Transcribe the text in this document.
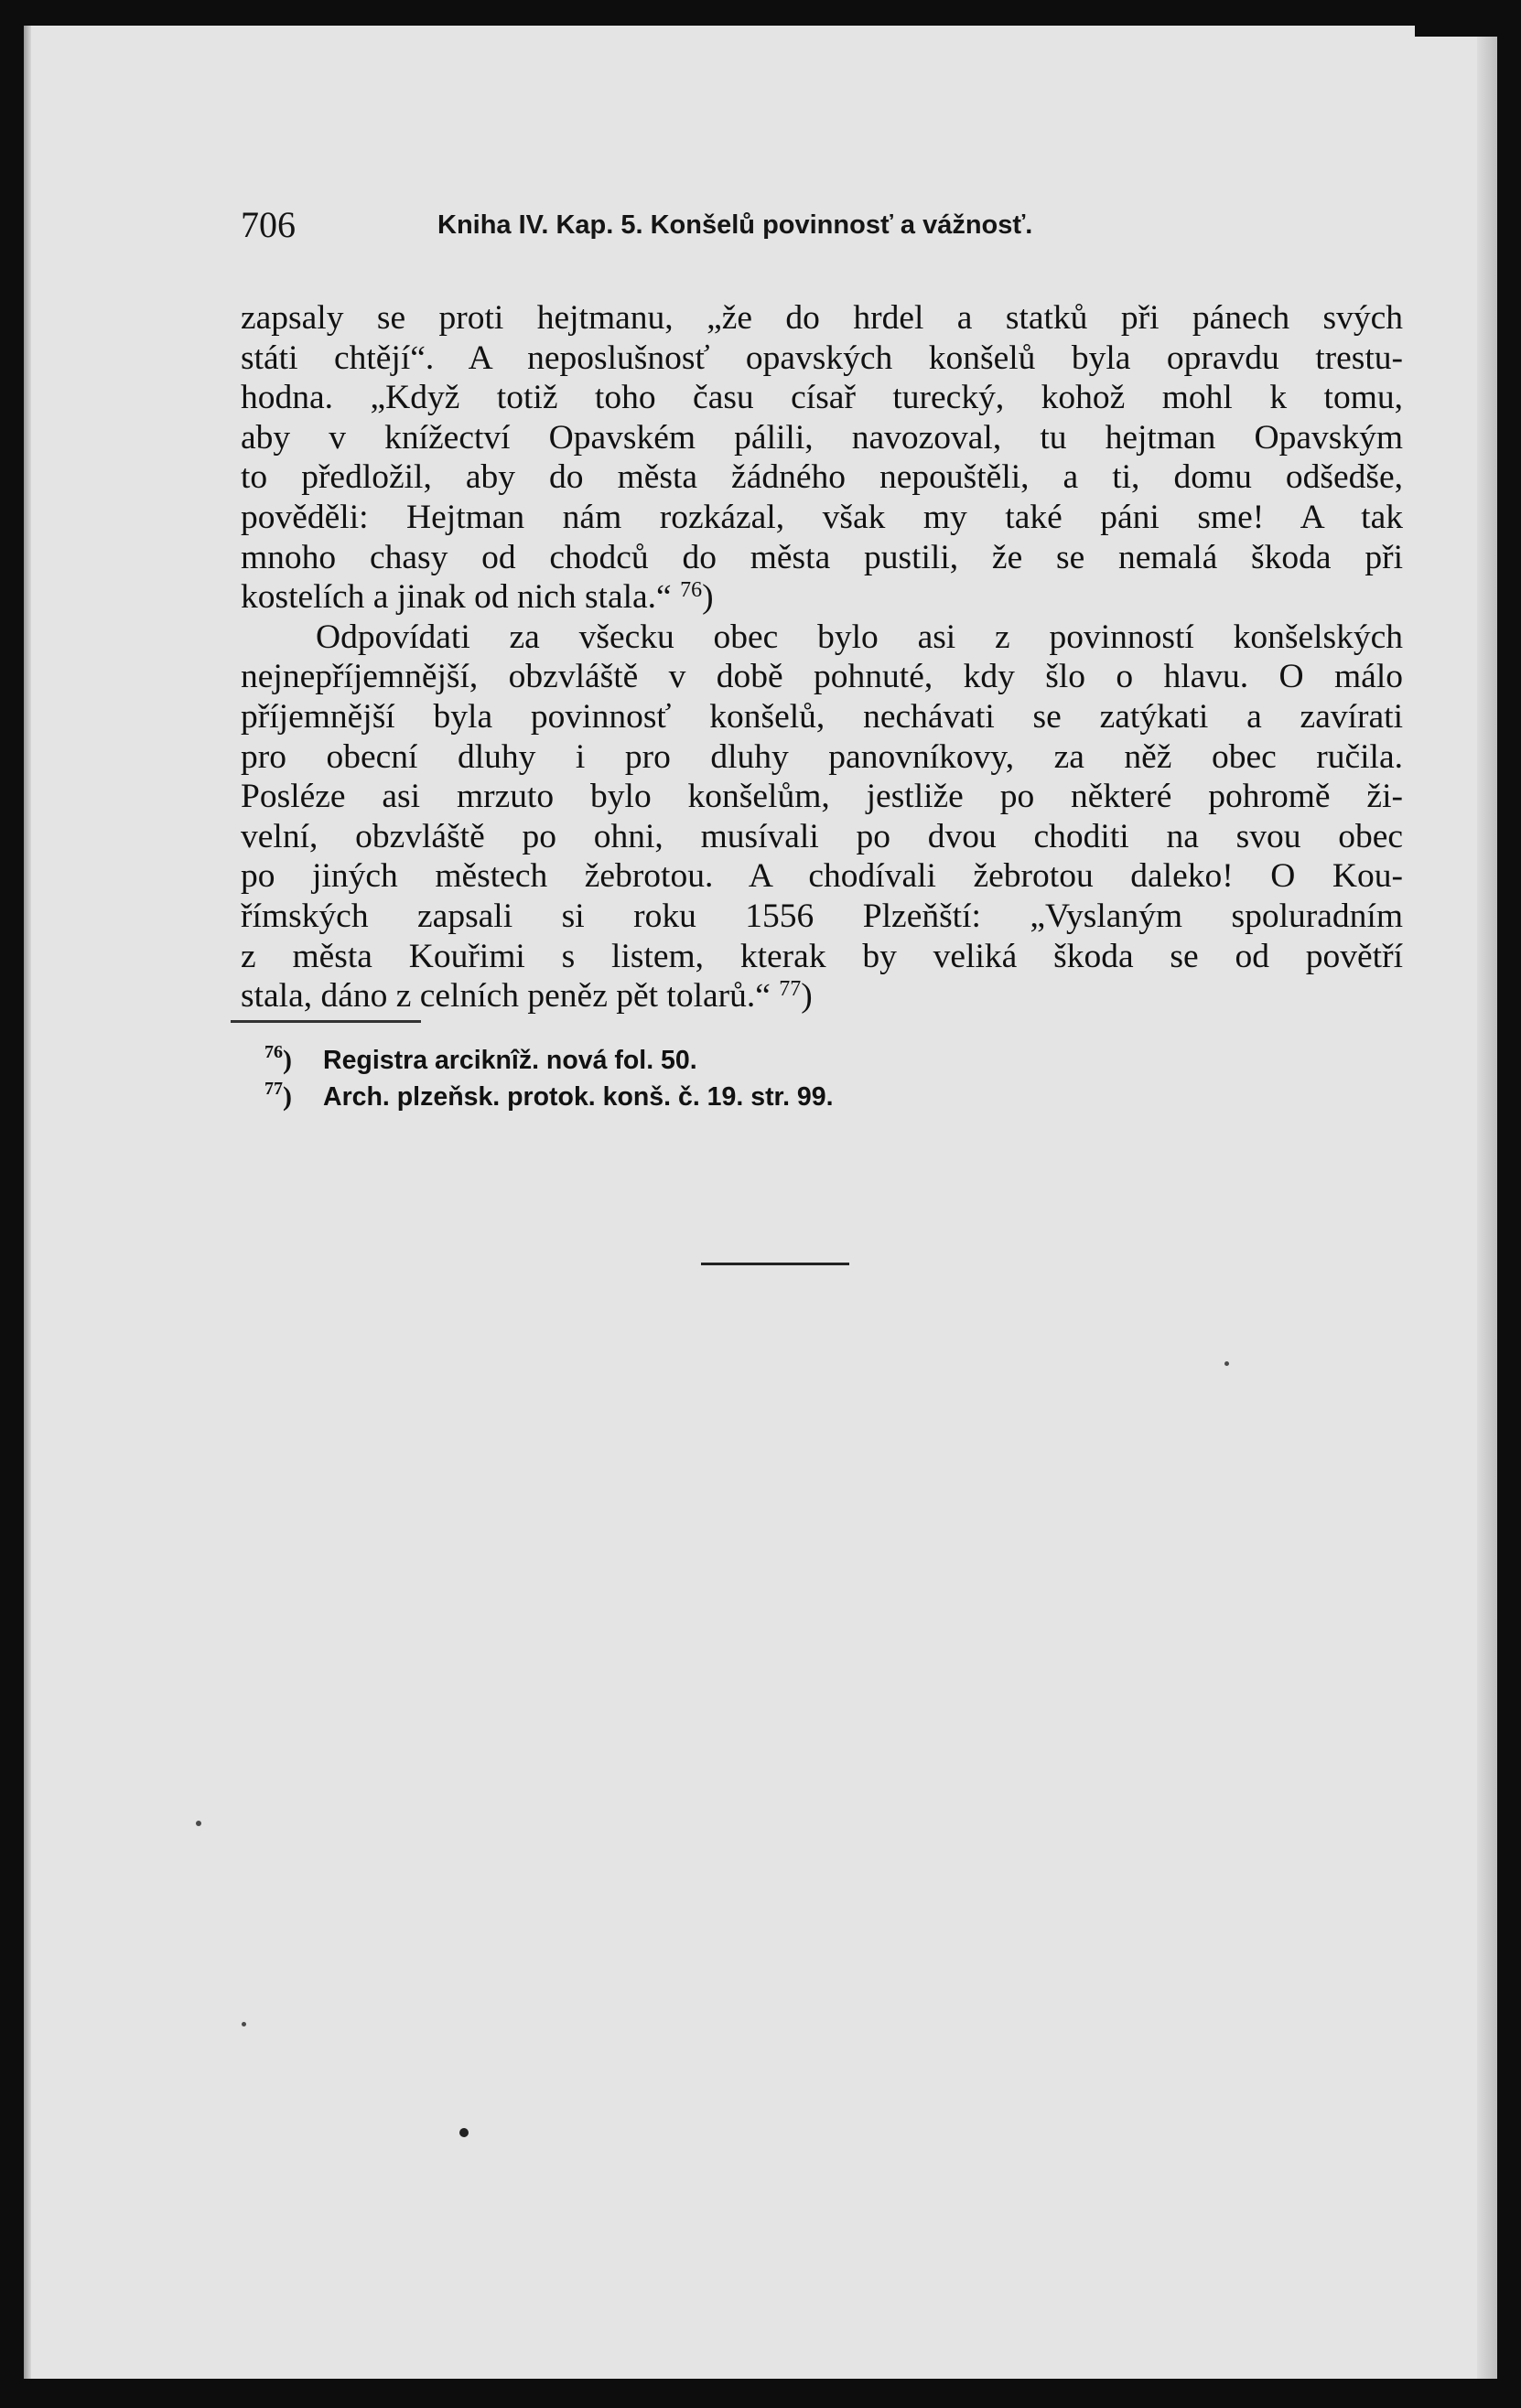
706	Kniha IV. Kap. 5. Konšelů povinnosť a vážnosť.
zapsaly se proti hejtmanu, „že do hrdel a statků při pánech svých
státi chtějí“. A neposlušnosť opavských konšelů byla opravdu trestu-
hodna. „Když totiž toho času císař turecký, kohož mohl k tomu,
aby v knížectví Opavském pálili, navozoval, tu hejtman Opavským
to předložil, aby do města žádného nepouštěli, a ti, domu odšedše,
pověděli: Hejtman nám rozkázal, však my také páni sme! A tak
mnoho chasy od chodců do města pustili, že se nemalá škoda při
kostelích a jinak od nich stala.“ $^{76}$)
Odpovídati za všecku obec bylo asi z povinností konšelských
nejnepříjemnější, obzvláště v době pohnuté, kdy šlo o hlavu. O málo
příjemnější byla povinnosť konšelů, nechávati se zatýkati a zavírati
pro obecní dluhy i pro dluhy panovníkovy, za něž obec ručila.
Posléze asi mrzuto bylo konšelům, jestliže po některé pohromě ži-
velní, obzvláště po ohni, musívali po dvou choditi na svou obec
po jiných městech žebrotou. A chodívali žebrotou daleko! O Kou-
římských zapsali si roku 1556 Plzeňští: „Vyslaným spoluradním
z města Kouřimi s listem, kterak by veliká škoda se od povětří
stala, dáno z celních peněz pět tolarů.“ $^{77}$)
$^{76}$) Registra arciknîž. nová fol. 50.
$^{77}$) Arch. plzeňsk. protok. konš. č. 19. str. 99.
